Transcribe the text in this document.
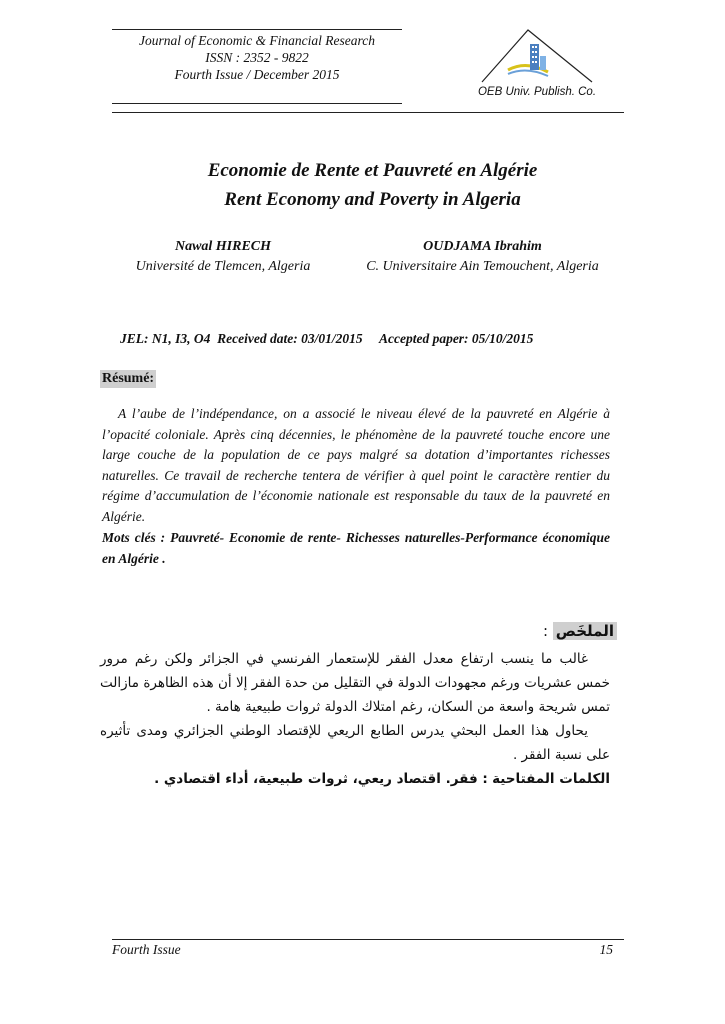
Journal of Economic & Financial Research
ISSN : 2352 - 9822
Fourth Issue / December 2015
OEB Univ. Publish. Co.
Economie de Rente et Pauvreté en Algérie
Rent Economy and Poverty in Algeria
Nawal HIRECH
Université de Tlemcen, Algeria
OUDJAMA Ibrahim
C. Universitaire Ain Temouchent, Algeria
JEL: N1, I3, O4 Received date: 03/01/2015 Accepted paper: 05/10/2015
Résumé:

A l’aube de l’indépendance, on a associé le niveau élevé de la pauvreté en Algérie à l’opacité coloniale. Après cinq décennies, le phénomène de la pauvreté touche encore une large couche de la population de ce pays malgré sa dotation d’importantes richesses naturelles. Ce travail de recherche tentera de vérifier à quel point le caractère rentier du régime d’accumulation de l’économie nationale est responsable du taux de la pauvreté en Algérie.

Mots clés : Pauvreté- Economie de rente- Richesses naturelles-Performance économique en Algérie .

الملخَص :

غالب ما ينسب ارتفاع معدل الفقر للإستعمار الفرنسي في الجزائر ولكن رغم مرور خمس عشريات ورغم مجهودات الدولة في التقليل من حدة الفقر إلا أن هذه الظاهرة مازالت تمس شريحة واسعة من السكان، رغم امتلاك الدولة ثروات طبيعية هامة .

يحاول هذا العمل البحثي يدرس الطابع الريعي للإقتصاد الوطني الجزائري ومدى تأثيره على نسبة الفقر .

الكلمات المفتاحية : فقر. اقتصاد ريعي، ثروات طبيعية، أداء اقتصادي .

Fourth Issue	15
